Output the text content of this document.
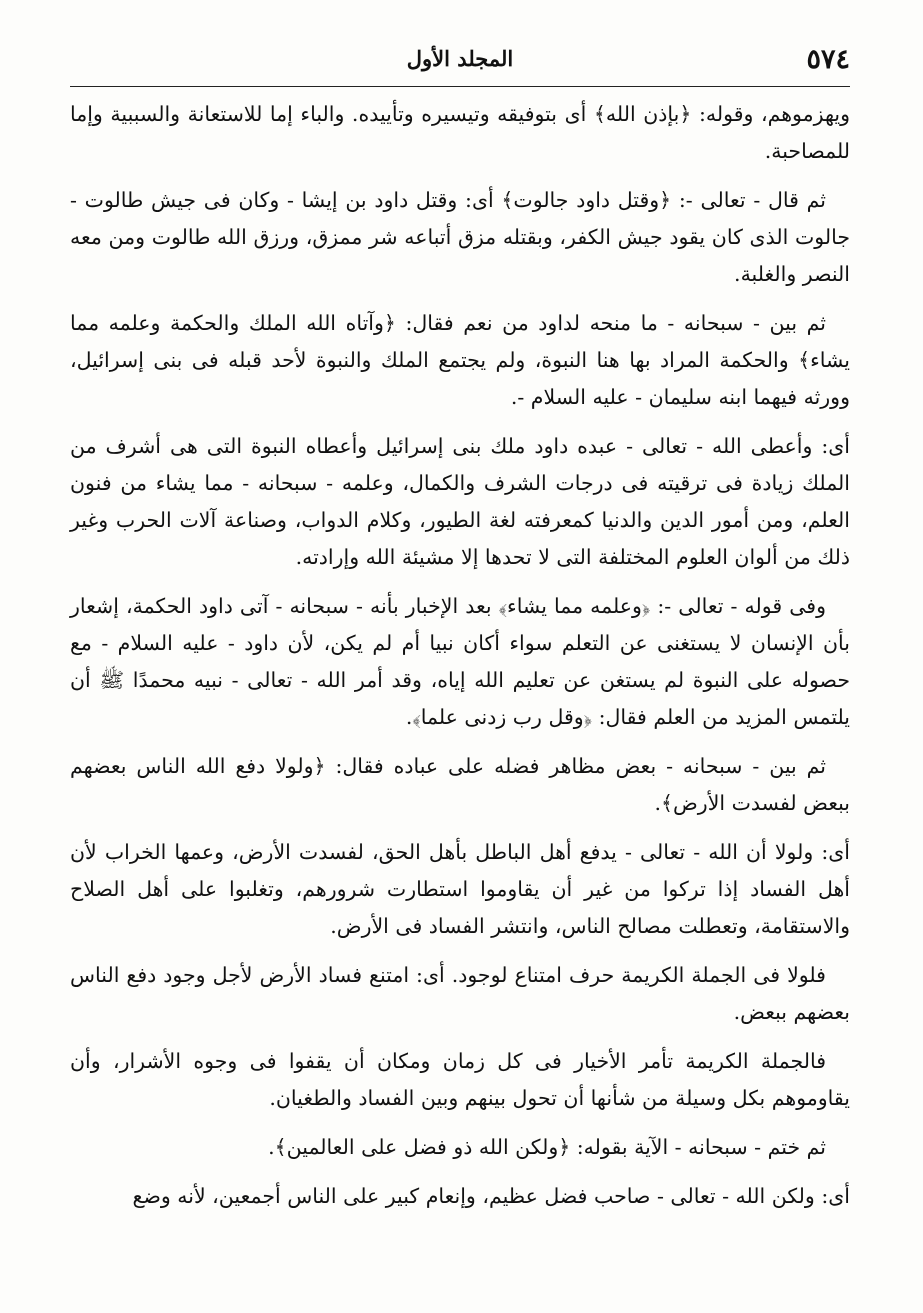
٥٧٤
المجلد الأول

ويهزموهم، وقوله: ﴿بإذن الله﴾ أى بتوفيقه وتيسيره وتأييده. والباء إما للاستعانة والسببية وإما للمصاحبة.

ثم قال - تعالى -: ﴿وقتل داود جالوت﴾ أى: وقتل داود بن إيشا - وكان فى جيش طالوت - جالوت الذى كان يقود جيش الكفر، وبقتله مزق أتباعه شر ممزق، ورزق الله طالوت ومن معه النصر والغلبة.

ثم بين - سبحانه - ما منحه لداود من نعم فقال: ﴿وآتاه الله الملك والحكمة وعلمه مما يشاء﴾ والحكمة المراد بها هنا النبوة، ولم يجتمع الملك والنبوة لأحد قبله فى بنى إسرائيل، وورثه فيهما ابنه سليمان - عليه السلام -.

أى: وأعطى الله - تعالى - عبده داود ملك بنى إسرائيل وأعطاه النبوة التى هى أشرف من الملك زيادة فى ترقيته فى درجات الشرف والكمال، وعلمه - سبحانه - مما يشاء من فنون العلم، ومن أمور الدين والدنيا كمعرفته لغة الطيور، وكلام الدواب، وصناعة آلات الحرب وغير ذلك من ألوان العلوم المختلفة التى لا تحدها إلا مشيئة الله وإرادته.

وفى قوله - تعالى -: ﴿وعلمه مما يشاء﴾ بعد الإخبار بأنه - سبحانه - آتى داود الحكمة، إشعار بأن الإنسان لا يستغنى عن التعلم سواء أكان نبيا أم لم يكن، لأن داود - عليه السلام - مع حصوله على النبوة لم يستغن عن تعليم الله إياه، وقد أمر الله - تعالى - نبيه محمدًا ﷺ أن يلتمس المزيد من العلم فقال: ﴿وقل رب زدنى علما﴾.

ثم بين - سبحانه - بعض مظاهر فضله على عباده فقال: ﴿ولولا دفع الله الناس بعضهم ببعض لفسدت الأرض﴾.

أى: ولولا أن الله - تعالى - يدفع أهل الباطل بأهل الحق، لفسدت الأرض، وعمها الخراب لأن أهل الفساد إذا تركوا من غير أن يقاوموا استطارت شرورهم، وتغلبوا على أهل الصلاح والاستقامة، وتعطلت مصالح الناس، وانتشر الفساد فى الأرض.

فلولا فى الجملة الكريمة حرف امتناع لوجود. أى: امتنع فساد الأرض لأجل وجود دفع الناس بعضهم ببعض.

فالجملة الكريمة تأمر الأخيار فى كل زمان ومكان أن يقفوا فى وجوه الأشرار، وأن يقاوموهم بكل وسيلة من شأنها أن تحول بينهم وبين الفساد والطغيان.

ثم ختم - سبحانه - الآية بقوله: ﴿ولكن الله ذو فضل على العالمين﴾.

أى: ولكن الله - تعالى - صاحب فضل عظيم، وإنعام كبير على الناس أجمعين، لأنه وضع
